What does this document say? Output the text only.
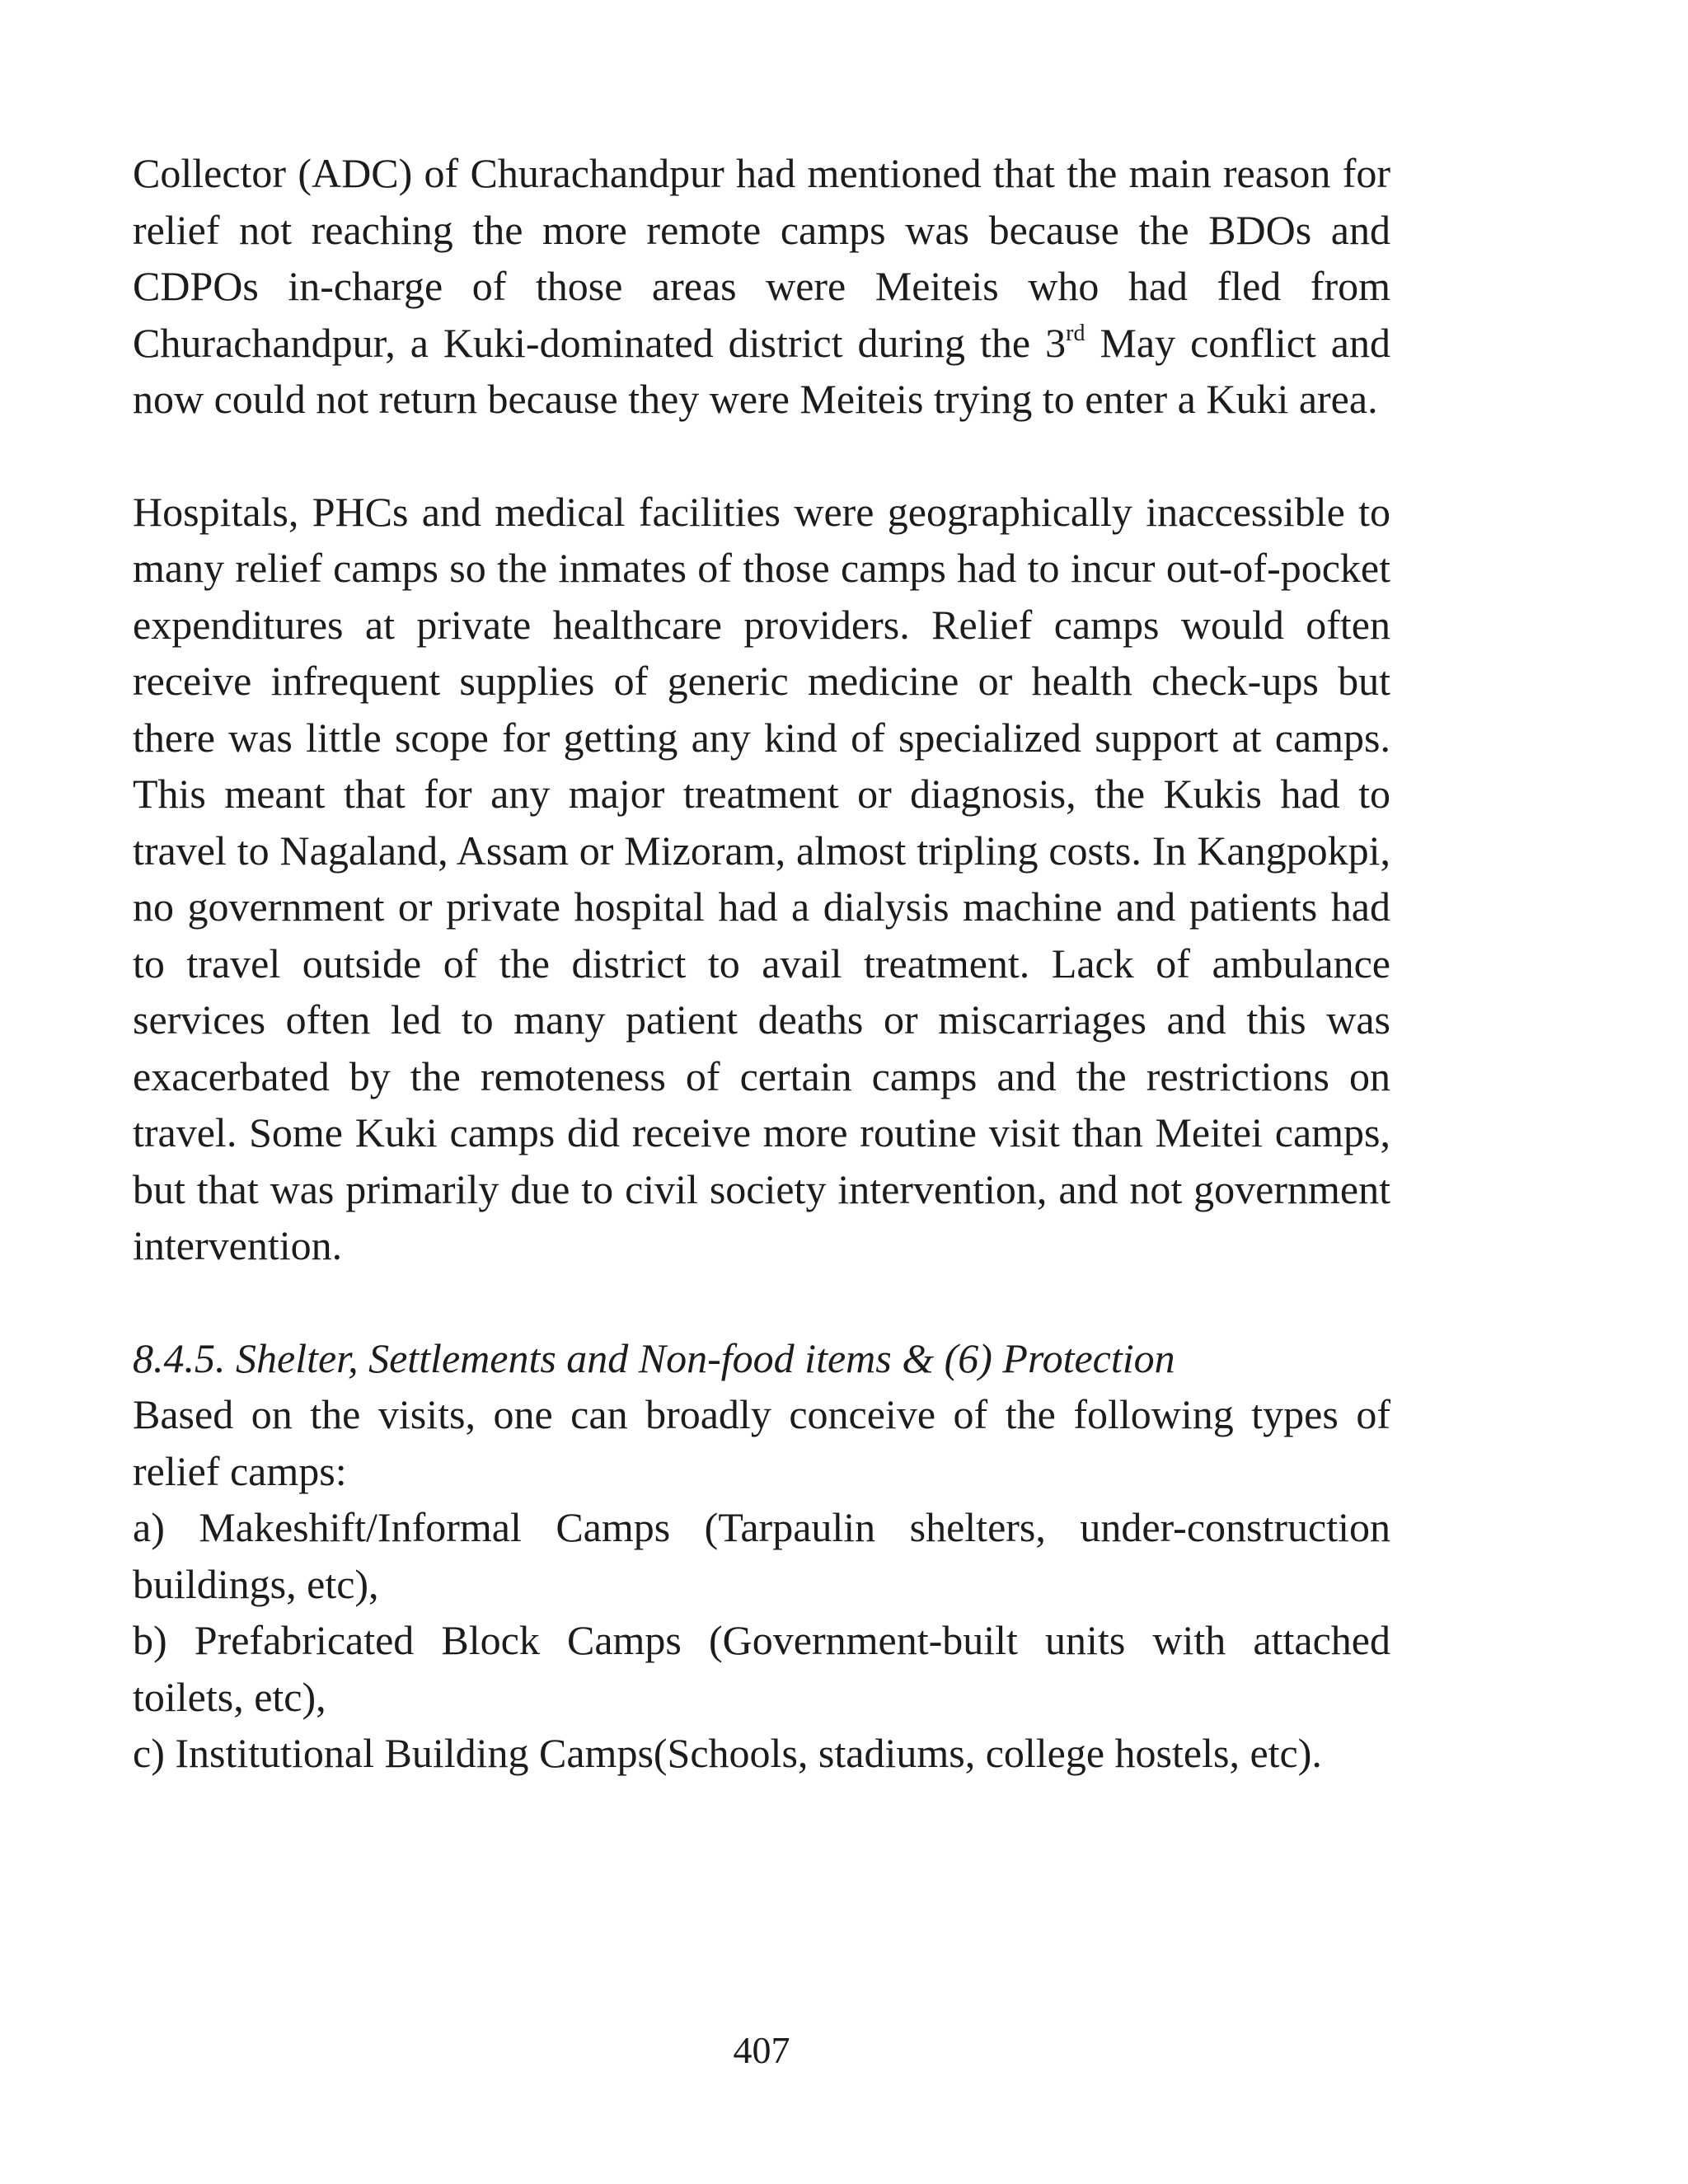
Collector (ADC) of Churachandpur had mentioned that the main reason for relief not reaching the more remote camps was because the BDOs and CDPOs in-charge of those areas were Meiteis who had fled from Churachandpur, a Kuki-dominated district during the 3rd May conflict and now could not return because they were Meiteis trying to enter a Kuki area.

Hospitals, PHCs and medical facilities were geographically inaccessible to many relief camps so the inmates of those camps had to incur out-of-pocket expenditures at private healthcare providers. Relief camps would often receive infrequent supplies of generic medicine or health check-ups but there was little scope for getting any kind of specialized support at camps. This meant that for any major treatment or diagnosis, the Kukis had to travel to Nagaland, Assam or Mizoram, almost tripling costs. In Kangpokpi, no government or private hospital had a dialysis machine and patients had to travel outside of the district to avail treatment. Lack of ambulance services often led to many patient deaths or miscarriages and this was exacerbated by the remoteness of certain camps and the restrictions on travel. Some Kuki camps did receive more routine visit than Meitei camps, but that was primarily due to civil society intervention, and not government intervention.

8.4.5. Shelter, Settlements and Non-food items & (6) Protection

Based on the visits, one can broadly conceive of the following types of relief camps:

a) Makeshift/Informal Camps (Tarpaulin shelters, under-construction buildings, etc),

b) Prefabricated Block Camps (Government-built units with attached toilets, etc),

c) Institutional Building Camps(Schools, stadiums, college hostels, etc).

407
